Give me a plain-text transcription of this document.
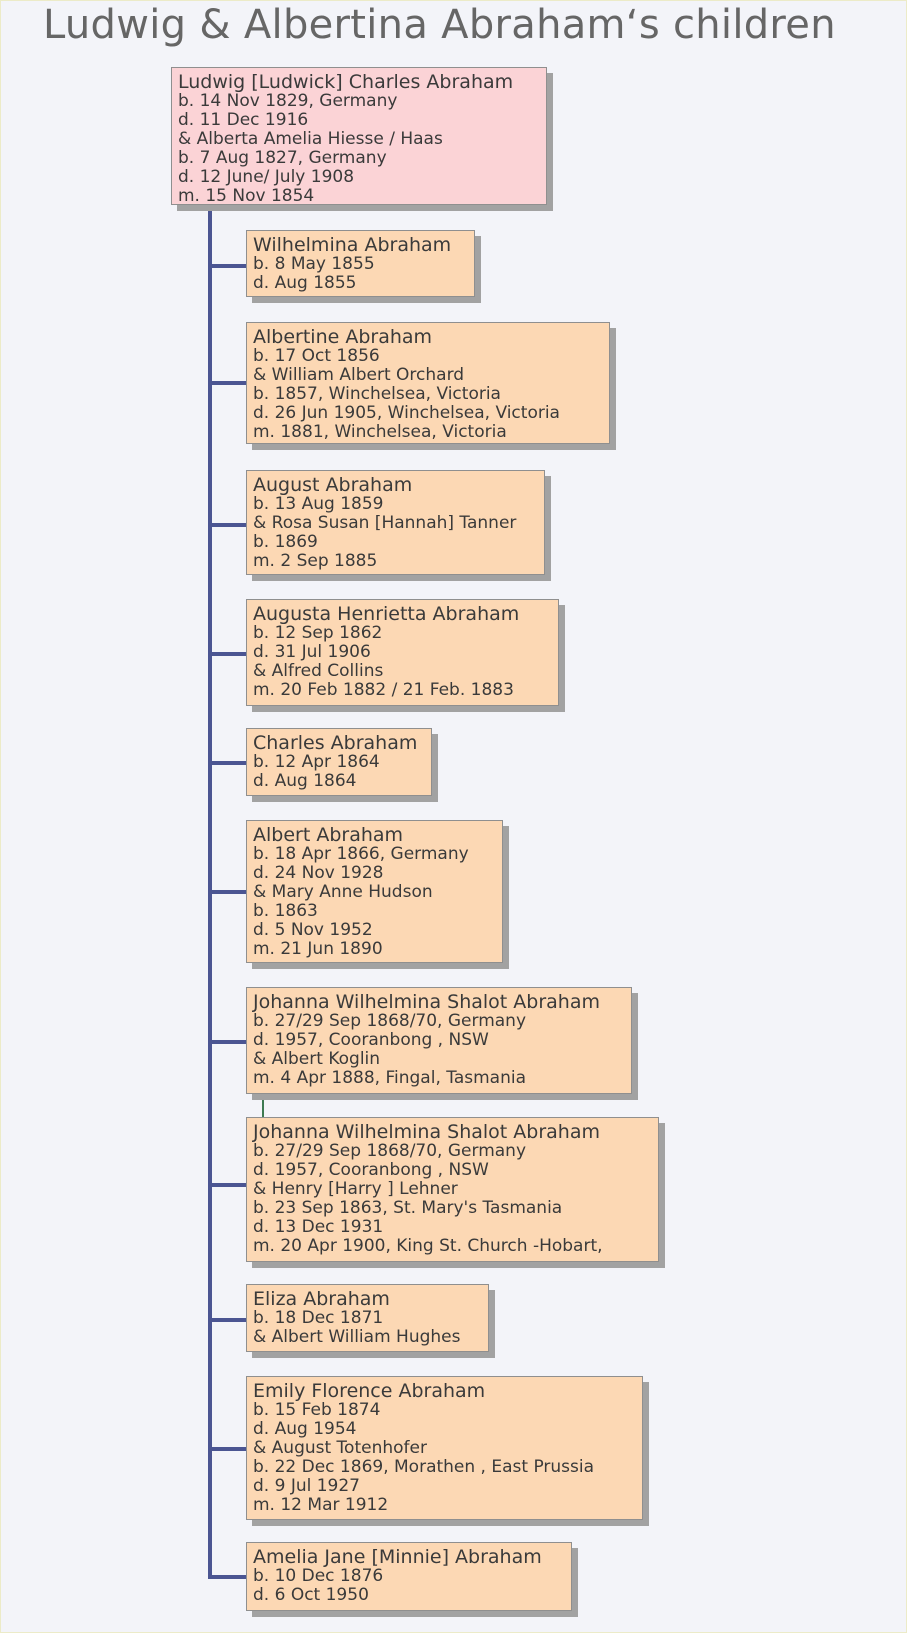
Ludwig & Albertina Abraham‘s children
Ludwig [Ludwick] Charles Abraham
b. 14 Nov 1829, Germany
d. 11 Dec 1916
& Alberta Amelia Hiesse / Haas
b. 7 Aug 1827, Germany
d. 12 June/ July 1908
m. 15 Nov 1854
Wilhelmina Abraham
b. 8 May 1855
d. Aug 1855
Albertine Abraham
b. 17 Oct 1856
& William Albert Orchard
b. 1857, Winchelsea, Victoria
d. 26 Jun 1905, Winchelsea, Victoria
m. 1881, Winchelsea, Victoria
August Abraham
b. 13 Aug 1859
& Rosa Susan [Hannah] Tanner
b. 1869
m. 2 Sep 1885
Augusta Henrietta Abraham
b. 12 Sep 1862
d. 31 Jul 1906
& Alfred Collins
m. 20 Feb 1882 / 21 Feb. 1883
Charles Abraham
b. 12 Apr 1864
d. Aug 1864
Albert Abraham
b. 18 Apr 1866, Germany
d. 24 Nov 1928
& Mary Anne Hudson
b. 1863
d. 5 Nov 1952
m. 21 Jun 1890
Johanna Wilhelmina Shalot Abraham
b. 27/29 Sep 1868/70, Germany
d. 1957, Cooranbong , NSW
& Albert Koglin
m. 4 Apr 1888, Fingal, Tasmania
Johanna Wilhelmina Shalot Abraham
b. 27/29 Sep 1868/70, Germany
d. 1957, Cooranbong , NSW
& Henry [Harry ] Lehner
b. 23 Sep 1863, St. Mary's Tasmania
d. 13 Dec 1931
m. 20 Apr 1900, King St. Church -Hobart,
Eliza Abraham
b. 18 Dec 1871
& Albert William Hughes
Emily Florence Abraham
b. 15 Feb 1874
d. Aug 1954
& August Totenhofer
b. 22 Dec 1869, Morathen , East Prussia
d. 9 Jul 1927
m. 12 Mar 1912
Amelia Jane [Minnie] Abraham
b. 10 Dec 1876
d. 6 Oct 1950
